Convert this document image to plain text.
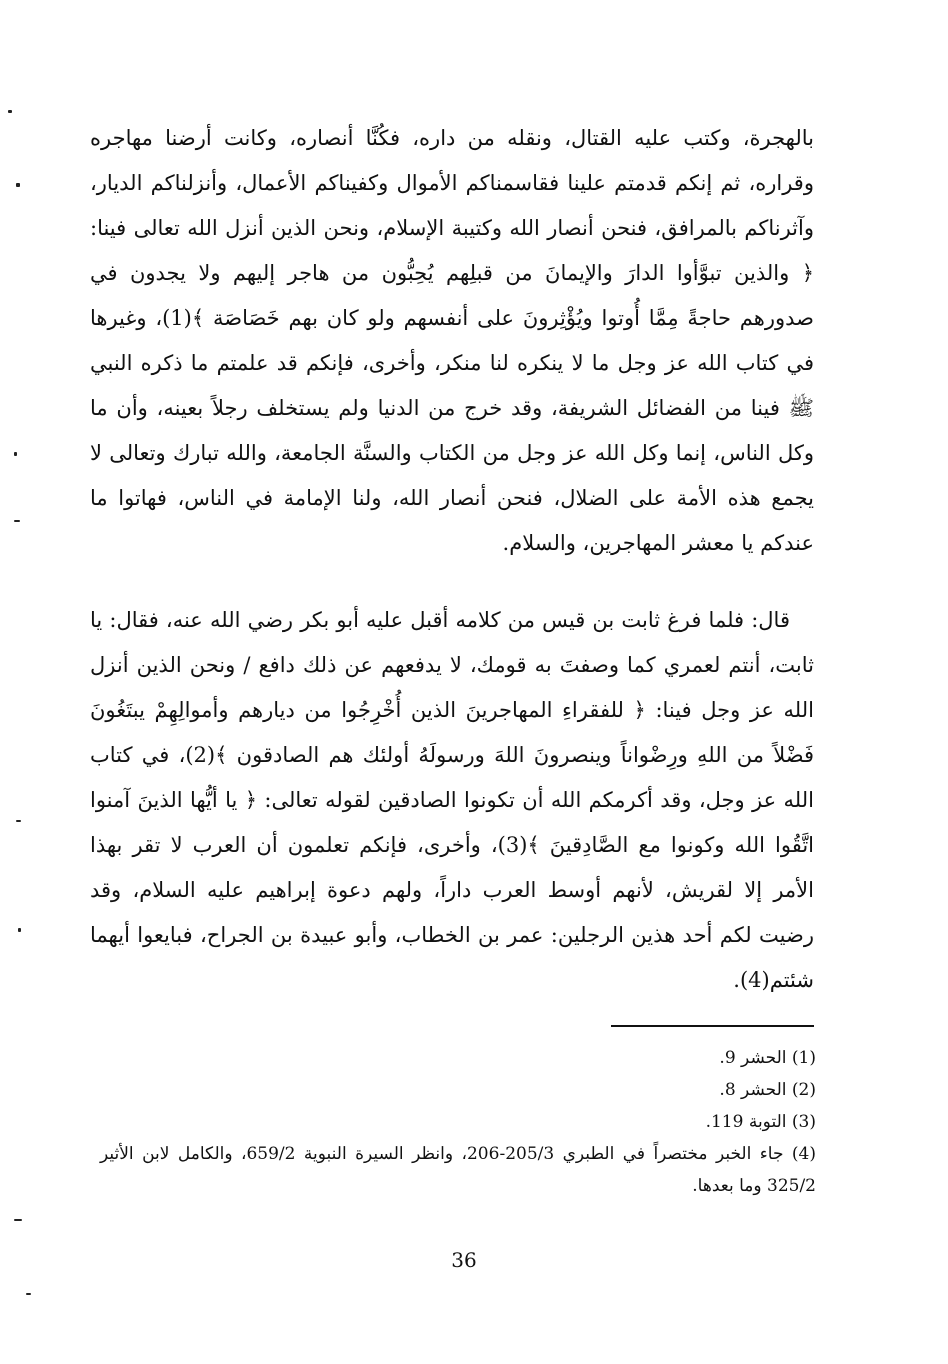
بالهجرة، وكتب عليه القتال، ونقله من داره، فكُنَّا أنصاره، وكانت أرضنا مهاجره وقراره، ثم إنكم قدمتم علينا فقاسمناكم الأموال وكفيناكم الأعمال، وأنزلناكم الديار، وآثرناكم بالمرافق، فنحن أنصار الله وكتيبة الإسلام، ونحن الذين أنزل الله تعالى فينا: ﴿ والذين تبوَّأوا الدارَ والإيمانَ من قبلِهم يُحِبُّون من هاجر إليهم ولا يجدون في صدورهم حاجةً مِمَّا أُوتوا ويُؤْثِرونَ على أنفسهم ولو كان بهم خَصَاصَة ﴾(1)، وغيرها في كتاب الله عز وجل ما لا ينكره لنا منكر، وأخرى، فإنكم قد علمتم ما ذكره النبي ﷺ فينا من الفضائل الشريفة، وقد خرج من الدنيا ولم يستخلف رجلاً بعينه، وأن ما وكل الناس، إنما وكل الله عز وجل من الكتاب والسنَّة الجامعة، والله تبارك وتعالى لا يجمع هذه الأمة على الضلال، فنحن أنصار الله، ولنا الإمامة في الناس، فهاتوا ما عندكم يا معشر المهاجرين، والسلام.

قال: فلما فرغ ثابت بن قيس من كلامه أقبل عليه أبو بكر رضي الله عنه، فقال: يا ثابت، أنتم لعمري كما وصفتَ به قومك، لا يدفعهم عن ذلك دافع / ونحن الذين أنزل الله عز وجل فينا: ﴿ للفقراءِ المهاجرينَ الذين أُخْرِجُوا من ديارهم وأموالِهِمْ يبتَغُونَ فَضْلاً من اللهِ ورِضْواناً وينصرونَ اللهَ ورسولَهُ أولئك هم الصادقون ﴾(2)، في كتاب الله عز وجل، وقد أكرمكم الله أن تكونوا الصادقين لقوله تعالى: ﴿ يا أيُّها الذينَ آمنوا اتَّقُوا الله وكونوا مع الصَّادِقينَ ﴾(3)، وأخرى، فإنكم تعلمون أن العرب لا تقر بهذا الأمر إلا لقريش، لأنهم أوسط العرب داراً، ولهم دعوة إبراهيم عليه السلام، وقد رضيت لكم أحد هذين الرجلين: عمر بن الخطاب، وأبو عبيدة بن الجراح، فبايعوا أيهما شئتم(4).

(1) الحشر 9.

(2) الحشر 8.

(3) التوبة 119.

(4) جاء الخبر مختصراً في الطبري 205/3-206، وانظر السيرة النبوية 659/2، والكامل لابن الأثير 325/2 وما بعدها.

36
